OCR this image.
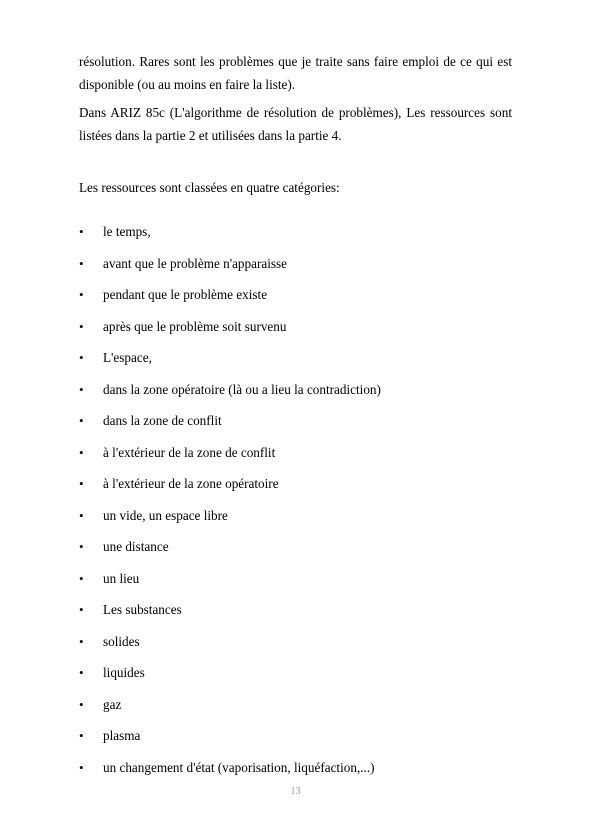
résolution. Rares sont les problèmes que je traite sans faire emploi de ce qui est disponible (ou au moins en faire la liste).

Dans ARIZ 85c (L'algorithme de résolution de problèmes), Les ressources sont listées dans la partie 2 et utilisées dans la partie 4.

Les ressources sont classées en quatre catégories:

•	le temps,
•	avant que le problème n'apparaisse
•	pendant que le problème existe
•	après que le problème soit survenu
•	L'espace,
•	dans la zone opératoire (là ou a lieu la contradiction)
•	dans la zone de conflit
•	à l'extérieur de la zone de conflit
•	à l'extérieur de la zone opératoire
•	un vide, un espace libre
•	une distance
•	un lieu
•	Les substances
•	solides
•	liquides
•	gaz
•	plasma
•	un changement d'état (vaporisation, liquéfaction,...)
13
